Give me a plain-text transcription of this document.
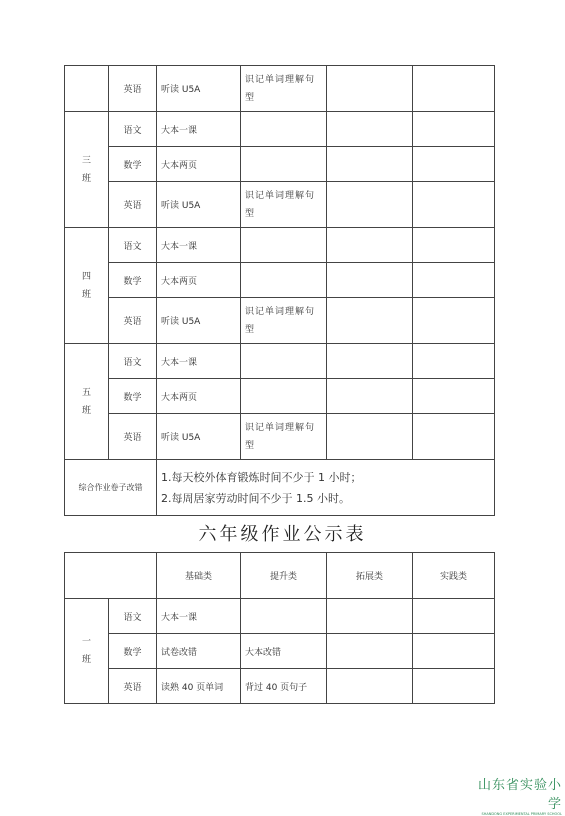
	英语	听读 U5A	识记单词理解句型		
三班	语文	大本一课			
	数学	大本两页			
	英语	听读 U5A	识记单词理解句型		
四班	语文	大本一课			
	数学	大本两页			
	英语	听读 U5A	识记单词理解句型		
五班	语文	大本一课			
	数学	大本两页			
	英语	听读 U5A	识记单词理解句型		
综合作业卷子改错		1.每天校外体育锻炼时间不少于 1 小时；
2.每周居家劳动时间不少于 1.5 小时。			
六年级作业公示表
		基础类	提升类	拓展类	实践类
一班	语文	大本一课			
	数学	试卷改错	大本改错		
	英语	读熟 40 页单词	背过 40 页句子		
山东省实验小学
SHANDONG EXPERIMENTAL PRIMARY SCHOOL
